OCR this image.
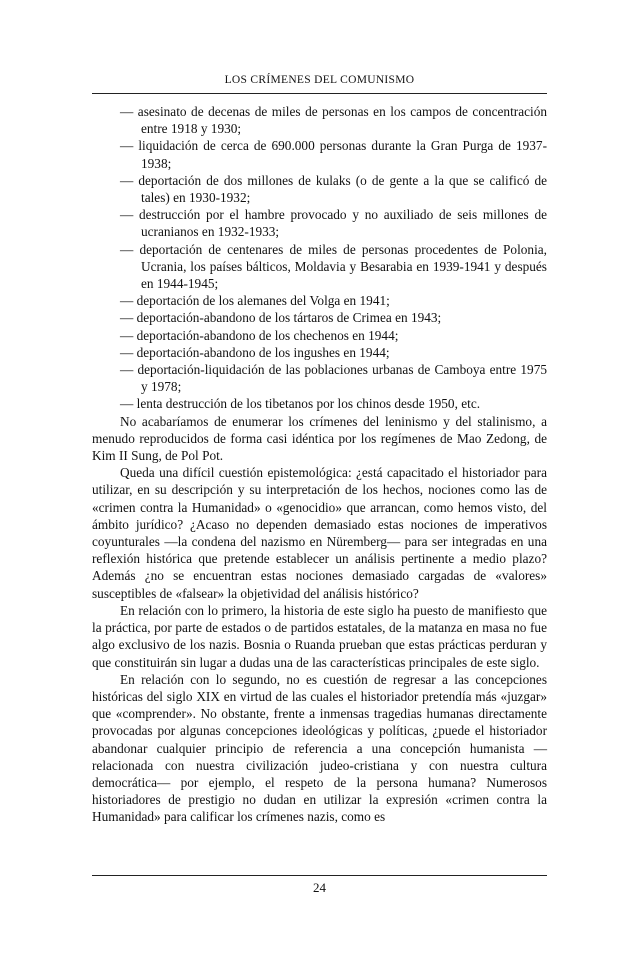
LOS CRÍMENES DEL COMUNISMO
— asesinato de decenas de miles de personas en los campos de concentración entre 1918 y 1930;
— liquidación de cerca de 690.000 personas durante la Gran Purga de 1937-1938;
— deportación de dos millones de kulaks (o de gente a la que se calificó de tales) en 1930-1932;
— destrucción por el hambre provocado y no auxiliado de seis millones de ucranianos en 1932-1933;
— deportación de centenares de miles de personas procedentes de Polonia, Ucrania, los países bálticos, Moldavia y Besarabia en 1939-1941 y después en 1944-1945;
— deportación de los alemanes del Volga en 1941;
— deportación-abandono de los tártaros de Crimea en 1943;
— deportación-abandono de los chechenos en 1944;
— deportación-abandono de los ingushes en 1944;
— deportación-liquidación de las poblaciones urbanas de Camboya entre 1975 y 1978;
— lenta destrucción de los tibetanos por los chinos desde 1950, etc.

No acabaríamos de enumerar los crímenes del leninismo y del stalinismo, a menudo reproducidos de forma casi idéntica por los regímenes de Mao Zedong, de Kim II Sung, de Pol Pot.

Queda una difícil cuestión epistemológica: ¿está capacitado el historiador para utilizar, en su descripción y su interpretación de los hechos, nociones como las de «crimen contra la Humanidad» o «genocidio» que arrancan, como hemos visto, del ámbito jurídico? ¿Acaso no dependen demasiado estas nociones de imperativos coyunturales —la condena del nazismo en Nüremberg— para ser integradas en una reflexión histórica que pretende establecer un análisis pertinente a medio plazo? Además ¿no se encuentran estas nociones demasiado cargadas de «valores» susceptibles de «falsear» la objetividad del análisis histórico?

En relación con lo primero, la historia de este siglo ha puesto de manifiesto que la práctica, por parte de estados o de partidos estatales, de la matanza en masa no fue algo exclusivo de los nazis. Bosnia o Ruanda prueban que estas prácticas perduran y que constituirán sin lugar a dudas una de las características principales de este siglo.

En relación con lo segundo, no es cuestión de regresar a las concepciones históricas del siglo XIX en virtud de las cuales el historiador pretendía más «juzgar» que «comprender». No obstante, frente a inmensas tragedias humanas directamente provocadas por algunas concepciones ideológicas y políticas, ¿puede el historiador abandonar cualquier principio de referencia a una concepción humanista —relacionada con nuestra civilización judeo-cristiana y con nuestra cultura democrática— por ejemplo, el respeto de la persona humana? Numerosos historiadores de prestigio no dudan en utilizar la expresión «crimen contra la Humanidad» para calificar los crímenes nazis, como es

24
